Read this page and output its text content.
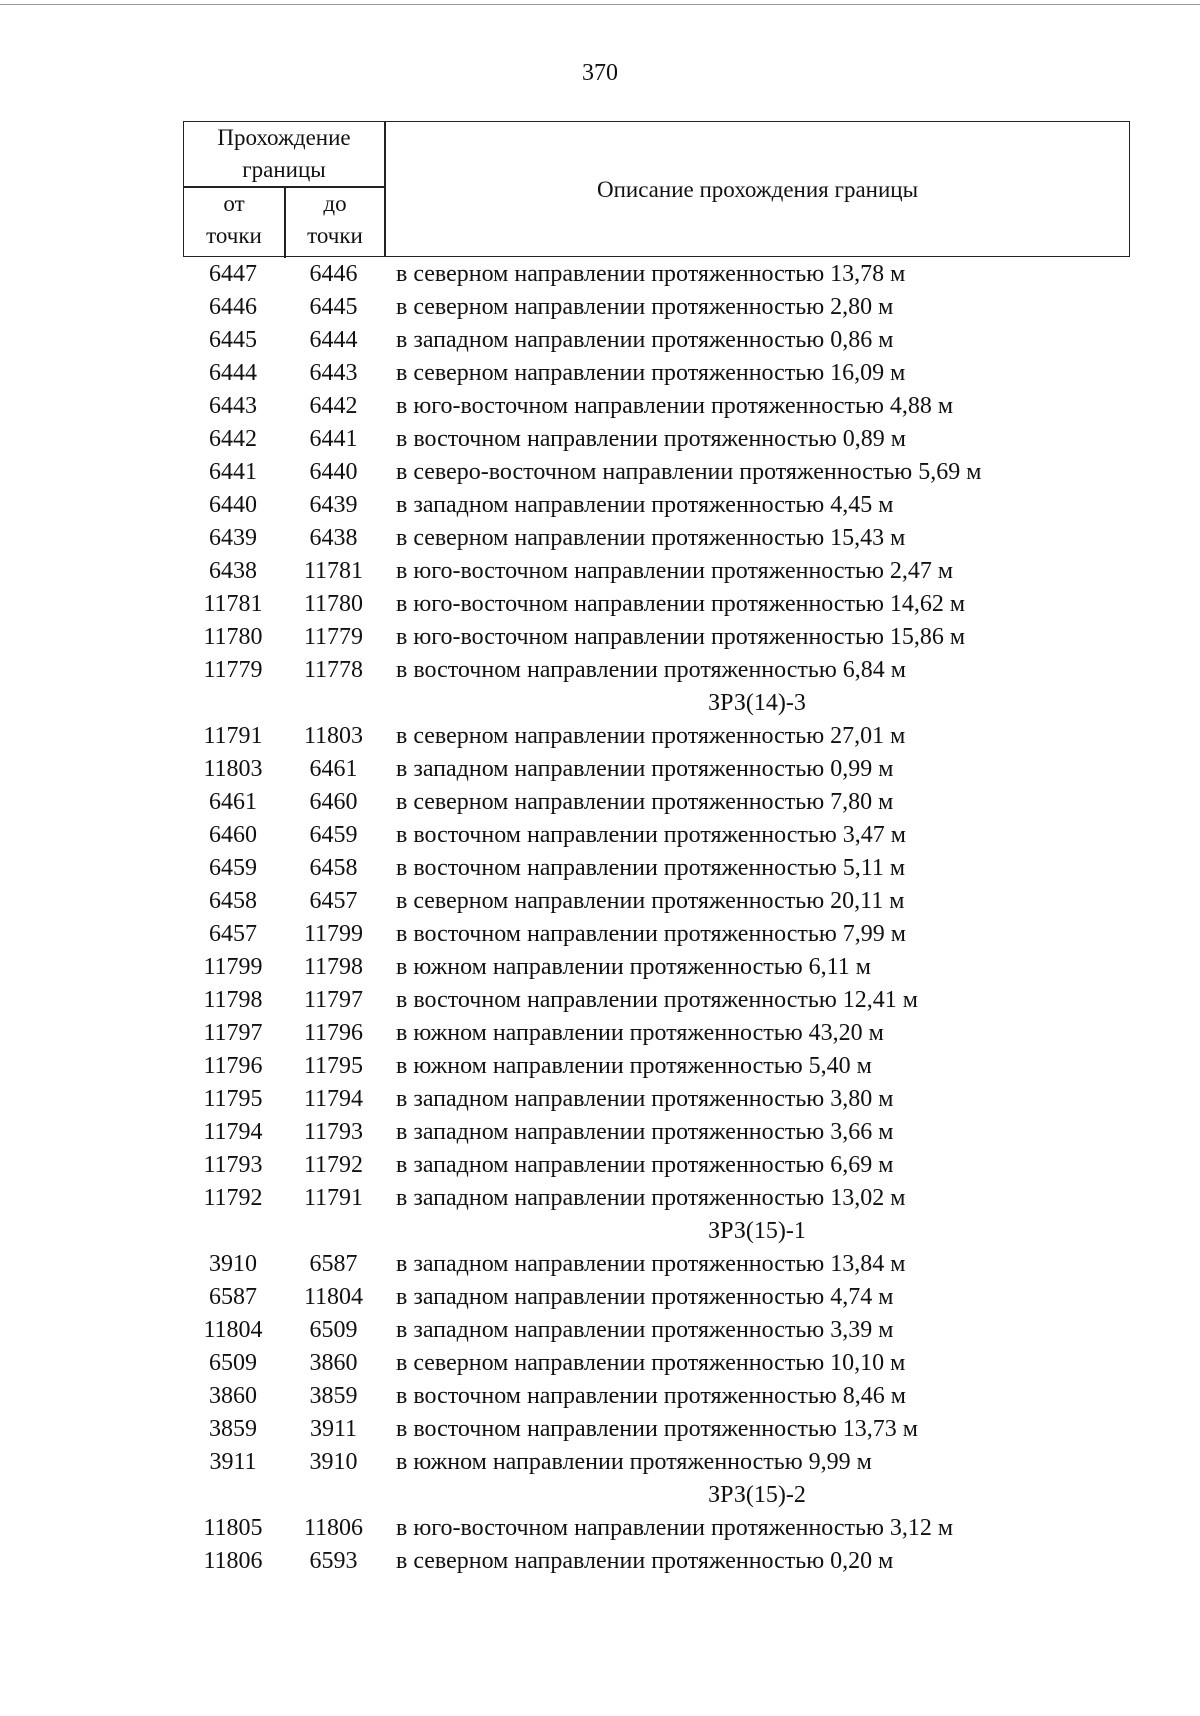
370
Прохождение границы
от точки
до точки
Описание прохождения границы
6447	6446	в северном направлении протяженностью 13,78 м
6446	6445	в северном направлении протяженностью 2,80 м
6445	6444	в западном направлении протяженностью 0,86 м
6444	6443	в северном направлении протяженностью 16,09 м
6443	6442	в юго-восточном направлении протяженностью 4,88 м
6442	6441	в восточном направлении протяженностью 0,89 м
6441	6440	в северо-восточном направлении протяженностью 5,69 м
6440	6439	в западном направлении протяженностью 4,45 м
6439	6438	в северном направлении протяженностью 15,43 м
6438	11781	в юго-восточном направлении протяженностью 2,47 м
11781	11780	в юго-восточном направлении протяженностью 14,62 м
11780	11779	в юго-восточном направлении протяженностью 15,86 м
11779	11778	в восточном направлении протяженностью 6,84 м
ЗРЗ(14)-3
11791	11803	в северном направлении протяженностью 27,01 м
11803	6461	в западном направлении протяженностью 0,99 м
6461	6460	в северном направлении протяженностью 7,80 м
6460	6459	в восточном направлении протяженностью 3,47 м
6459	6458	в восточном направлении протяженностью 5,11 м
6458	6457	в северном направлении протяженностью 20,11 м
6457	11799	в восточном направлении протяженностью 7,99 м
11799	11798	в южном направлении протяженностью 6,11 м
11798	11797	в восточном направлении протяженностью 12,41 м
11797	11796	в южном направлении протяженностью 43,20 м
11796	11795	в южном направлении протяженностью 5,40 м
11795	11794	в западном направлении протяженностью 3,80 м
11794	11793	в западном направлении протяженностью 3,66 м
11793	11792	в западном направлении протяженностью 6,69 м
11792	11791	в западном направлении протяженностью 13,02 м
ЗРЗ(15)-1
3910	6587	в западном направлении протяженностью 13,84 м
6587	11804	в западном направлении протяженностью 4,74 м
11804	6509	в западном направлении протяженностью 3,39 м
6509	3860	в северном направлении протяженностью 10,10 м
3860	3859	в восточном направлении протяженностью 8,46 м
3859	3911	в восточном направлении протяженностью 13,73 м
3911	3910	в южном направлении протяженностью 9,99 м
ЗРЗ(15)-2
11805	11806	в юго-восточном направлении протяженностью 3,12 м
11806	6593	в северном направлении протяженностью 0,20 м
